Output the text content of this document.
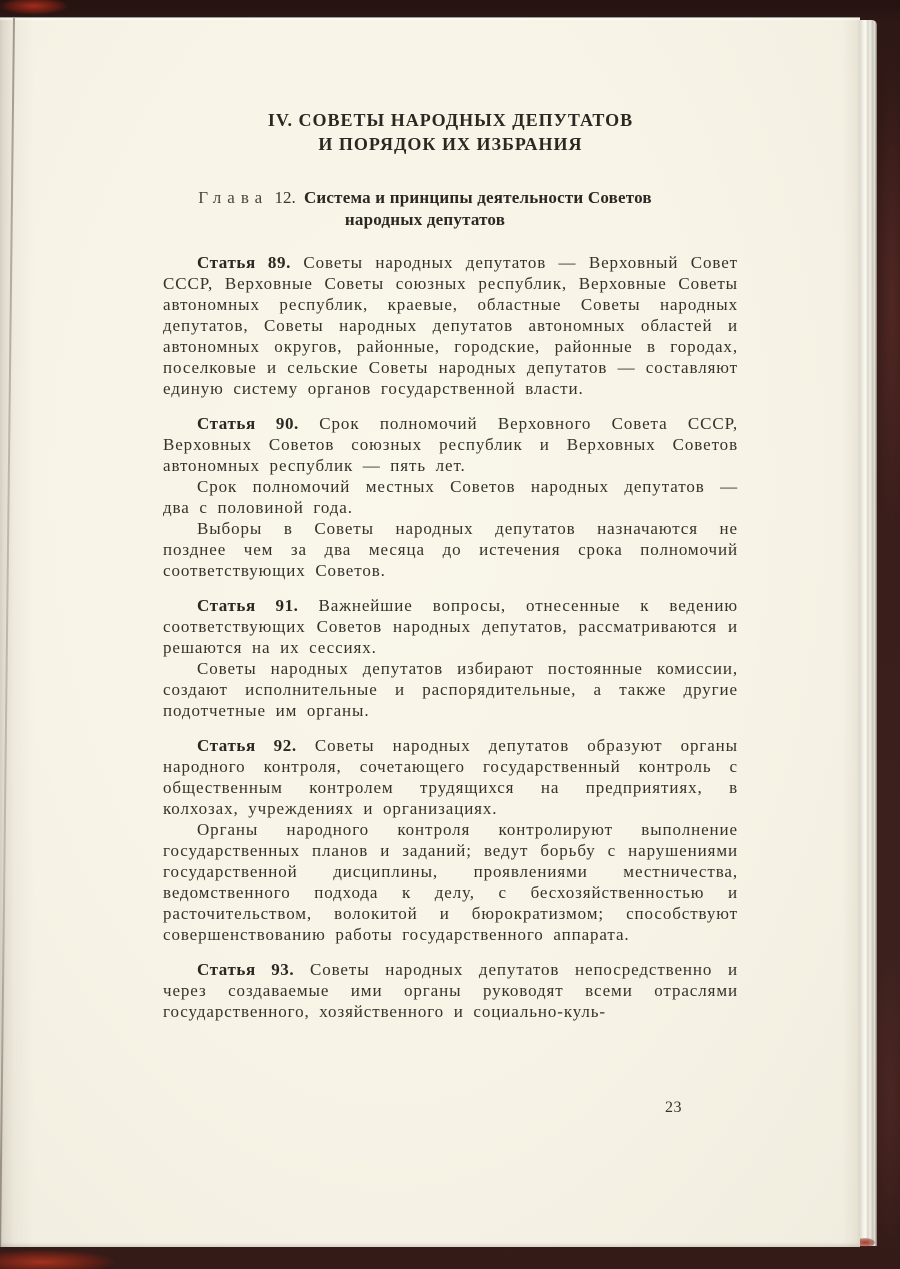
IV. СОВЕТЫ НАРОДНЫХ ДЕПУТАТОВ
И ПОРЯДОК ИХ ИЗБРАНИЯ
Глава 12. Система и принципы деятельности Советов
народных депутатов

Статья 89. Советы народных депутатов — Верховный Совет СССР, Верховные Советы союзных республик, Верховные Советы автономных республик, краевые, областные Советы народных депутатов, Советы народных депутатов автономных областей и автономных округов, районные, городские, районные в городах, поселковые и сельские Советы народных депутатов — составляют единую систему органов государственной власти.

Статья 90. Срок полномочий Верховного Совета СССР, Верховных Советов союзных республик и Верховных Советов автономных республик — пять лет.

Срок полномочий местных Советов народных депутатов — два с половиной года.

Выборы в Советы народных депутатов назначаются не позднее чем за два месяца до истечения срока полномочий соответствующих Советов.

Статья 91. Важнейшие вопросы, отнесенные к ведению соответствующих Советов народных депутатов, рассматриваются и решаются на их сессиях.

Советы народных депутатов избирают постоянные комиссии, создают исполнительные и распорядительные, а также другие подотчетные им органы.

Статья 92. Советы народных депутатов образуют органы народного контроля, сочетающего государственный контроль с общественным контролем трудящихся на предприятиях, в колхозах, учреждениях и организациях.

Органы народного контроля контролируют выполнение государственных планов и заданий; ведут борьбу с нарушениями государственной дисциплины, проявлениями местничества, ведомственного подхода к делу, с бесхозяйственностью и расточительством, волокитой и бюрократизмом; способствуют совершенствованию работы государственного аппарата.

Статья 93. Советы народных депутатов непосредственно и через создаваемые ими органы руководят всеми отраслями государственного, хозяйственного и социально-куль-

23
